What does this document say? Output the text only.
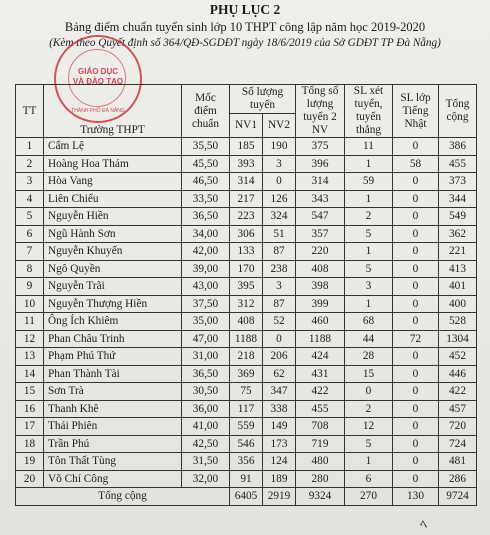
PHỤ LỤC 2
Bảng điểm chuẩn tuyển sinh lớp 10 THPT công lập năm học 2019-2020
(Kèm theo Quyết định số 364/QĐ-SGDĐT ngày 18/6/2019 của Sở GDĐT TP Đà Nẵng)
GIÁO DỤC
VÀ ĐÀO TẠO
THÀNH PHỐ ĐÀ NẴNG
TT	Trường THPT	Mốc điểm chuẩn	Số lượng tuyển		Tổng số lượng tuyển 2 NV	SL xét tuyển, tuyển thẳng	SL lớp Tiếng Nhật	Tổng cộng
			NV1	NV2				
1	Cẩm Lệ	35,50	185	190	375	11	0	386
2	Hoàng Hoa Thám	45,50	393	3	396	1	58	455
3	Hòa Vang	46,50	314	0	314	59	0	373
4	Liên Chiểu	33,50	217	126	343	1	0	344
5	Nguyễn Hiền	36,50	223	324	547	2	0	549
6	Ngũ Hành Sơn	34,00	306	51	357	5	0	362
7	Nguyễn Khuyến	42,00	133	87	220	1	0	221
8	Ngô Quyền	39,00	170	238	408	5	0	413
9	Nguyễn Trãi	43,00	395	3	398	3	0	401
10	Nguyễn Thượng Hiền	37,50	312	87	399	1	0	400
11	Ông Ích Khiêm	35,00	408	52	460	68	0	528
12	Phan Châu Trinh	47,00	1188	0	1188	44	72	1304
13	Phạm Phú Thứ	31,00	218	206	424	28	0	452
14	Phan Thành Tài	36,50	369	62	431	15	0	446
15	Sơn Trà	30,50	75	347	422	0	0	422
16	Thanh Khê	36,00	117	338	455	2	0	457
17	Thái Phiên	41,00	559	149	708	12	0	720
18	Trần Phú	42,50	546	173	719	5	0	724
19	Tôn Thất Tùng	31,50	356	124	480	1	0	481
20	Võ Chí Công	32,00	91	189	280	6	0	286
Tổng cộng			6405	2919	9324	270	130	9724
ﾍ
